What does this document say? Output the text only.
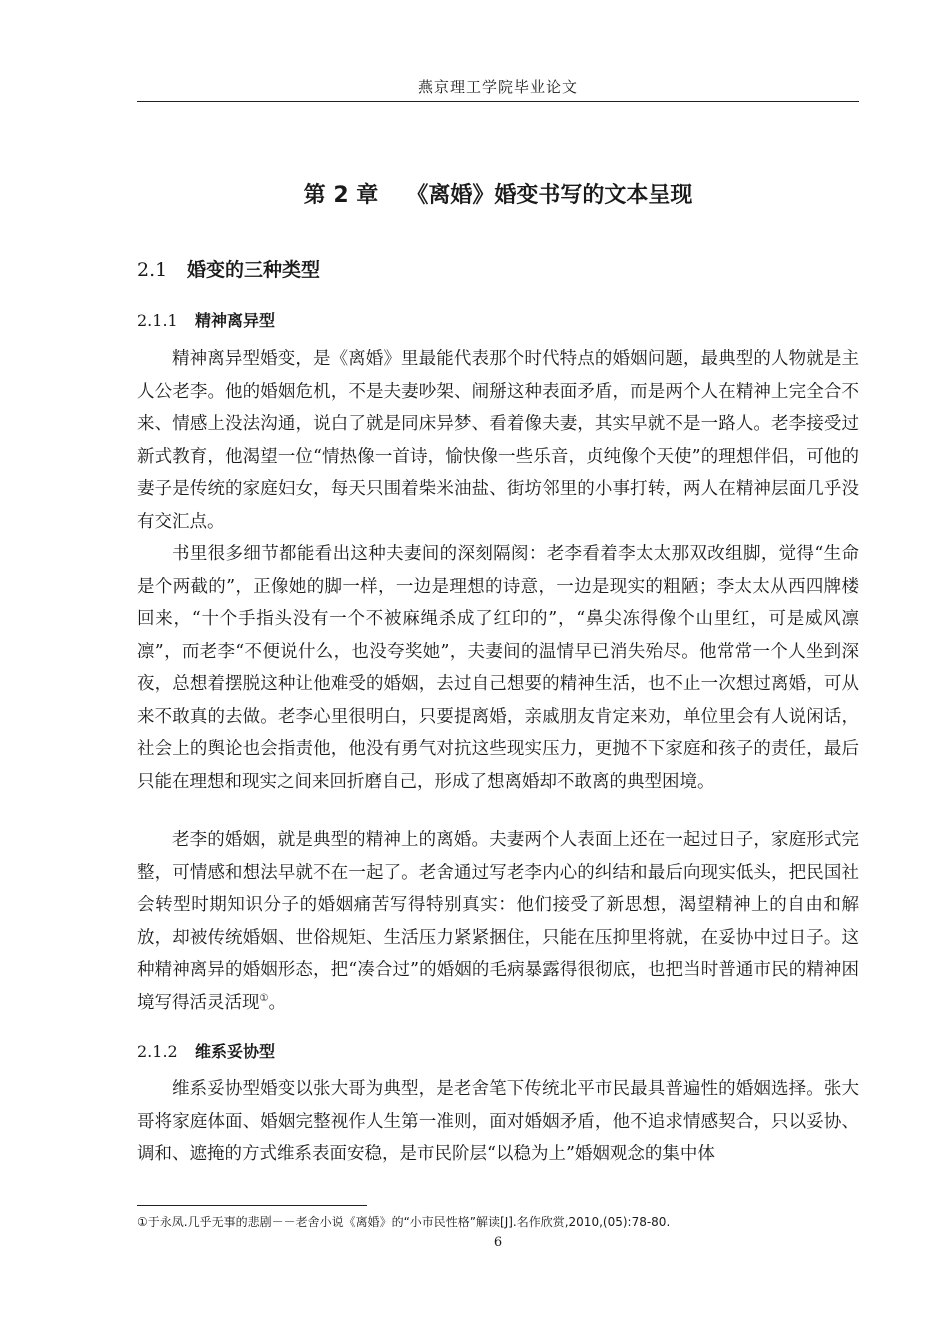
燕京理工学院毕业论文
第 2 章 《离婚》婚变书写的文本呈现
2.1 婚变的三种类型
2.1.1 精神离异型

精神离异型婚变，是《离婚》里最能代表那个时代特点的婚姻问题，最典型的人物就是主人公老李。他的婚姻危机，不是夫妻吵架、闹掰这种表面矛盾，而是两个人在精神上完全合不来、情感上没法沟通，说白了就是同床异梦、看着像夫妻，其实早就不是一路人。老李接受过新式教育，他渴望一位“情热像一首诗，愉快像一些乐音，贞纯像个天使”的理想伴侣，可他的妻子是传统的家庭妇女，每天只围着柴米油盐、街坊邻里的小事打转，两人在精神层面几乎没有交汇点。

书里很多细节都能看出这种夫妻间的深刻隔阂：老李看着李太太那双改组脚，觉得“生命是个两截的”，正像她的脚一样，一边是理想的诗意，一边是现实的粗陋；李太太从西四牌楼回来，“十个手指头没有一个不被麻绳杀成了红印的”，“鼻尖冻得像个山里红，可是威风凛凛”，而老李“不便说什么，也没夸奖她”，夫妻间的温情早已消失殆尽。他常常一个人坐到深夜，总想着摆脱这种让他难受的婚姻，去过自己想要的精神生活，也不止一次想过离婚，可从来不敢真的去做。老李心里很明白，只要提离婚，亲戚朋友肯定来劝，单位里会有人说闲话，社会上的舆论也会指责他，他没有勇气对抗这些现实压力，更抛不下家庭和孩子的责任，最后只能在理想和现实之间来回折磨自己，形成了想离婚却不敢离的典型困境。

老李的婚姻，就是典型的精神上的离婚。夫妻两个人表面上还在一起过日子，家庭形式完整，可情感和想法早就不在一起了。老舍通过写老李内心的纠结和最后向现实低头，把民国社会转型时期知识分子的婚姻痛苦写得特别真实：他们接受了新思想，渴望精神上的自由和解放，却被传统婚姻、世俗规矩、生活压力紧紧捆住，只能在压抑里将就，在妥协中过日子。这种精神离异的婚姻形态，把“凑合过”的婚姻的毛病暴露得很彻底，也把当时普通市民的精神困境写得活灵活现①。

2.1.2 维系妥协型

维系妥协型婚变以张大哥为典型，是老舍笔下传统北平市民最具普遍性的婚姻选择。张大哥将家庭体面、婚姻完整视作人生第一准则，面对婚姻矛盾，他不追求情感契合，只以妥协、调和、遮掩的方式维系表面安稳，是市民阶层“以稳为上”婚姻观念的集中体

①于永凤.几乎无事的悲剧－－老舍小说《离婚》的“小市民性格”解读[J].名作欣赏,2010,(05):78-80.
6
